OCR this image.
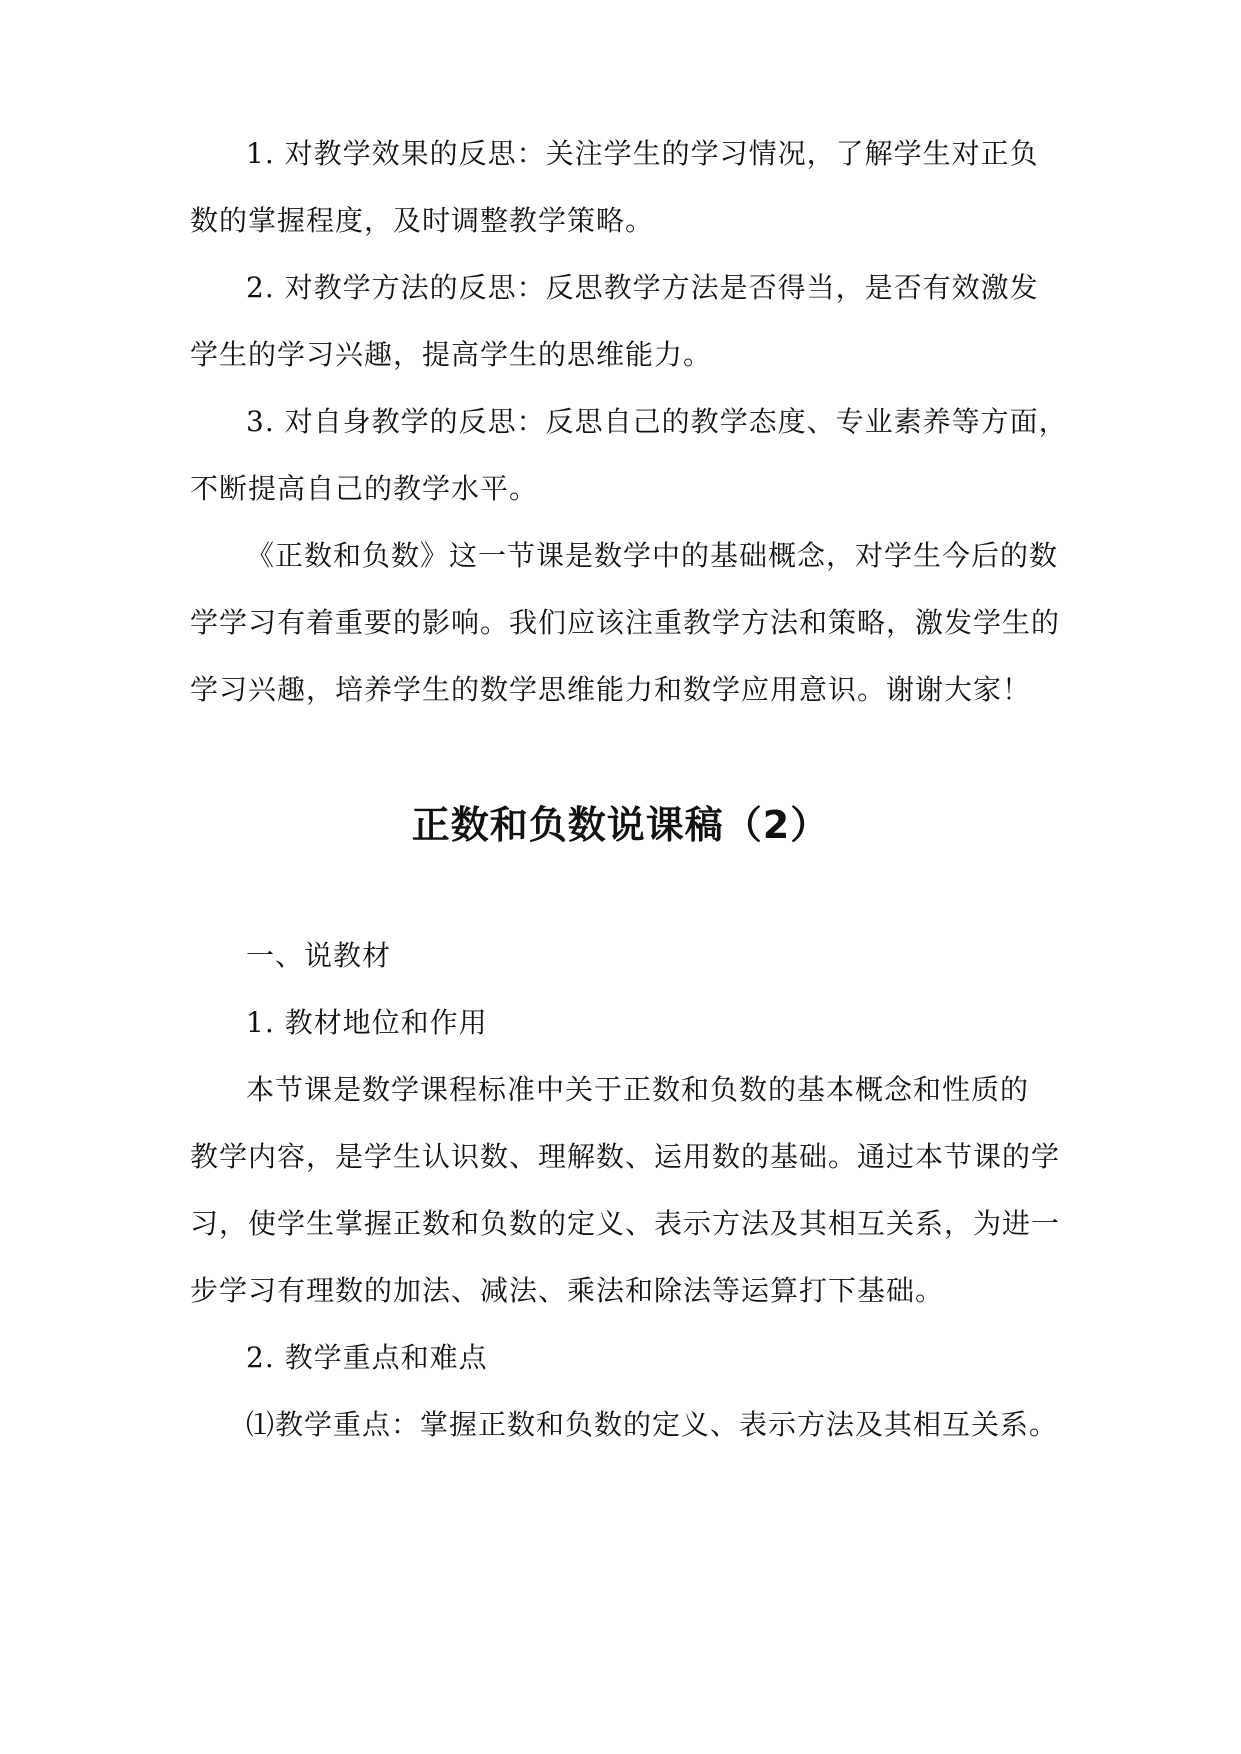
1. 对教学效果的反思：关注学生的学习情况，了解学生对正负
数的掌握程度，及时调整教学策略。
2. 对教学方法的反思：反思教学方法是否得当，是否有效激发
学生的学习兴趣，提高学生的思维能力。
3. 对自身教学的反思：反思自己的教学态度、专业素养等方面，
不断提高自己的教学水平。
《正数和负数》这一节课是数学中的基础概念，对学生今后的数
学学习有着重要的影响。我们应该注重教学方法和策略，激发学生的
学习兴趣，培养学生的数学思维能力和数学应用意识。谢谢大家！
正数和负数说课稿（2）
一、说教材
1. 教材地位和作用
本节课是数学课程标准中关于正数和负数的基本概念和性质的
教学内容，是学生认识数、理解数、运用数的基础。通过本节课的学
习，使学生掌握正数和负数的定义、表示方法及其相互关系，为进一
步学习有理数的加法、减法、乘法和除法等运算打下基础。
2. 教学重点和难点
⑴教学重点：掌握正数和负数的定义、表示方法及其相互关系。
